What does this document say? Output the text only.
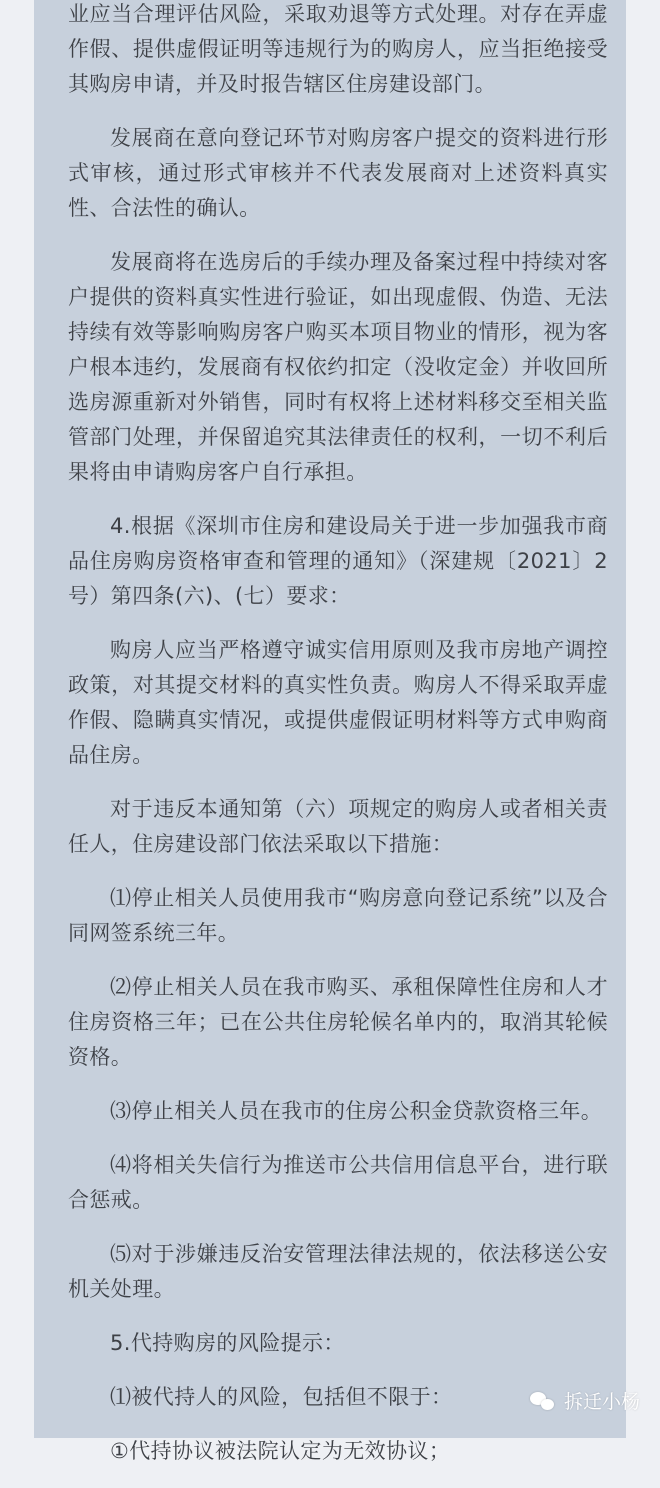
业应当合理评估风险，采取劝退等方式处理。对存在弄虚作假、提供虚假证明等违规行为的购房人，应当拒绝接受其购房申请，并及时报告辖区住房建设部门。

发展商在意向登记环节对购房客户提交的资料进行形式审核，通过形式审核并不代表发展商对上述资料真实性、合法性的确认。

发展商将在选房后的手续办理及备案过程中持续对客户提供的资料真实性进行验证，如出现虚假、伪造、无法持续有效等影响购房客户购买本项目物业的情形，视为客户根本违约，发展商有权依约扣定（没收定金）并收回所选房源重新对外销售，同时有权将上述材料移交至相关监管部门处理，并保留追究其法律责任的权利，一切不利后果将由申请购房客户自行承担。

4.根据《深圳市住房和建设局关于进一步加强我市商品住房购房资格审查和管理的通知》（深建规〔2021〕2号）第四条(六)、(七）要求：

购房人应当严格遵守诚实信用原则及我市房地产调控政策，对其提交材料的真实性负责。购房人不得采取弄虚作假、隐瞒真实情况，或提供虚假证明材料等方式申购商品住房。

对于违反本通知第（六）项规定的购房人或者相关责任人，住房建设部门依法采取以下措施：

⑴停止相关人员使用我市“购房意向登记系统”以及合同网签系统三年。

⑵停止相关人员在我市购买、承租保障性住房和人才住房资格三年；已在公共住房轮候名单内的，取消其轮候资格。

⑶停止相关人员在我市的住房公积金贷款资格三年。

⑷将相关失信行为推送市公共信用信息平台，进行联合惩戒。

⑸对于涉嫌违反治安管理法律法规的，依法移送公安机关处理。

5.代持购房的风险提示：

⑴被代持人的风险，包括但不限于：

①代持协议被法院认定为无效协议；

拆迁小杨
